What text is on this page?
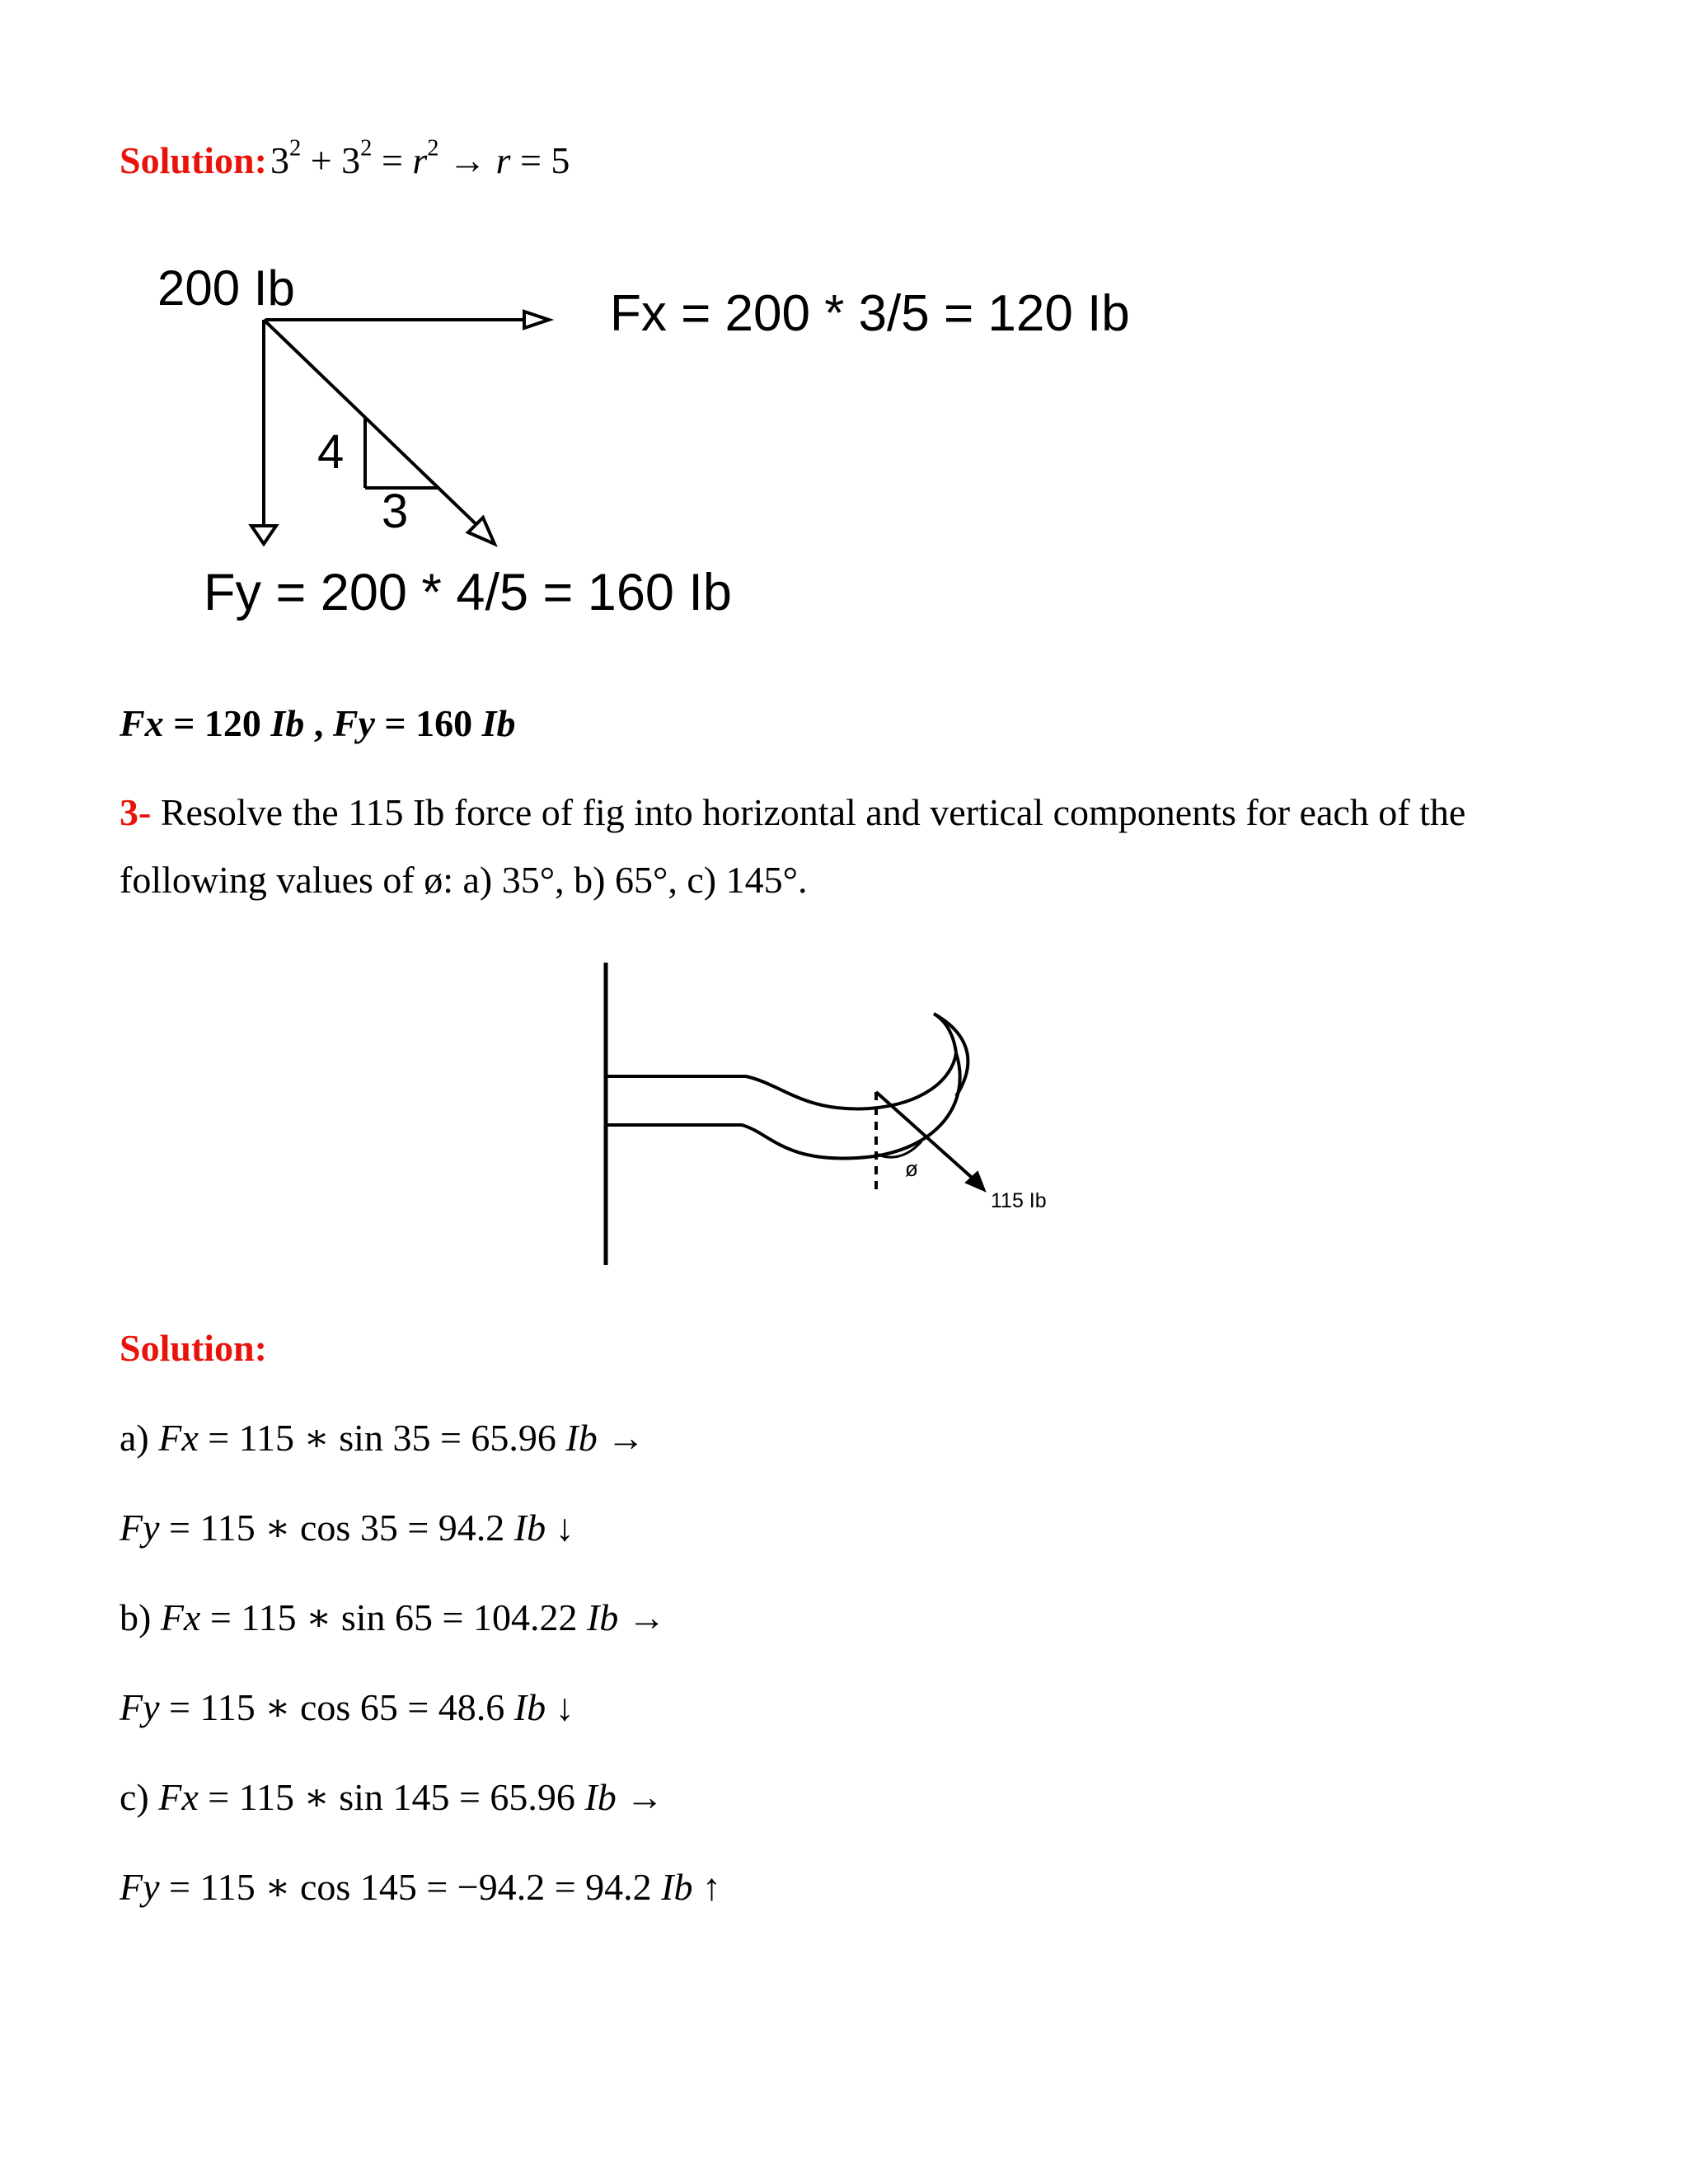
Solution: $3^2 + 3^2 = r^2 \to r = 5$
200 Ib	Fx = 200 * 3/5 = 120 Ib
4
3
Fy = 200 * 4/5 = 160 Ib
Fx = 120 Ib , Fy = 160 Ib
3- Resolve the 115 Ib force of fig into horizontal and vertical components for each of the
following values of ø: a) 35°, b) 65°, c) 145°.
ø
115 Ib
Solution:
a) Fx = 115 ∗ sin 35 = 65.96 Ib →
Fy = 115 ∗ cos 35 = 94.2 Ib ↓
b) Fx = 115 ∗ sin 65 = 104.22 Ib →
Fy = 115 ∗ cos 65 = 48.6 Ib ↓
c) Fx = 115 ∗ sin 145 = 65.96 Ib →
Fy = 115 ∗ cos 145 = −94.2 = 94.2 Ib ↑
